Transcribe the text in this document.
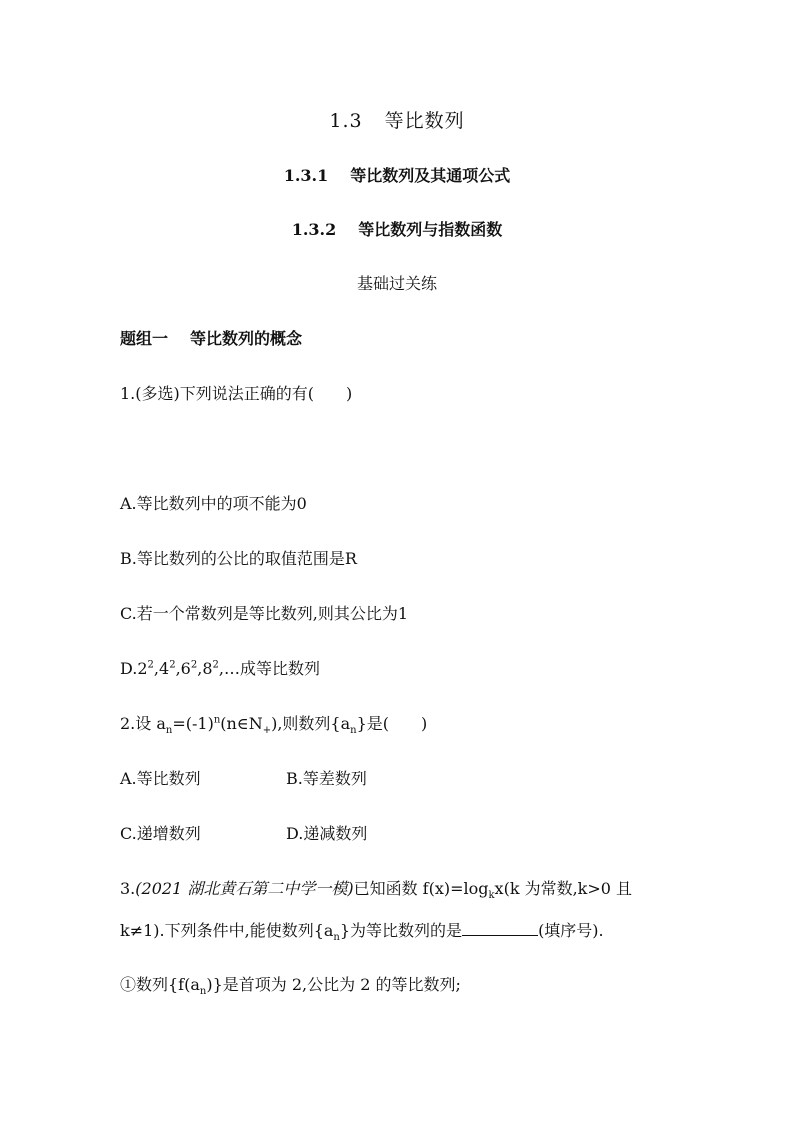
1.3 等比数列
1.3.1 等比数列及其通项公式
1.3.2 等比数列与指数函数
基础过关练
题组一 等比数列的概念
1.(多选)下列说法正确的有(　　)
A.等比数列中的项不能为0
B.等比数列的公比的取值范围是R
C.若一个常数列是等比数列,则其公比为1
$D.2^2,4^2,6^2,8^2,\dots$成等比数列
2.设 $a_n=(-1)^n(n\in N_+)$,则数列$\{a_n\}$是(　　)
A.等比数列	B.等差数列
C.递增数列	D.递减数列
3.(2021 湖北黄石第二中学一模)已知函数 $f(x)=\log_kx(k$ 为常数,k>0 且
k≠1).下列条件中,能使数列$\{a_n\}$为等比数列的是	(填序号).
①数列$\{f(a_n)\}$是首项为 2,公比为 2 的等比数列;
